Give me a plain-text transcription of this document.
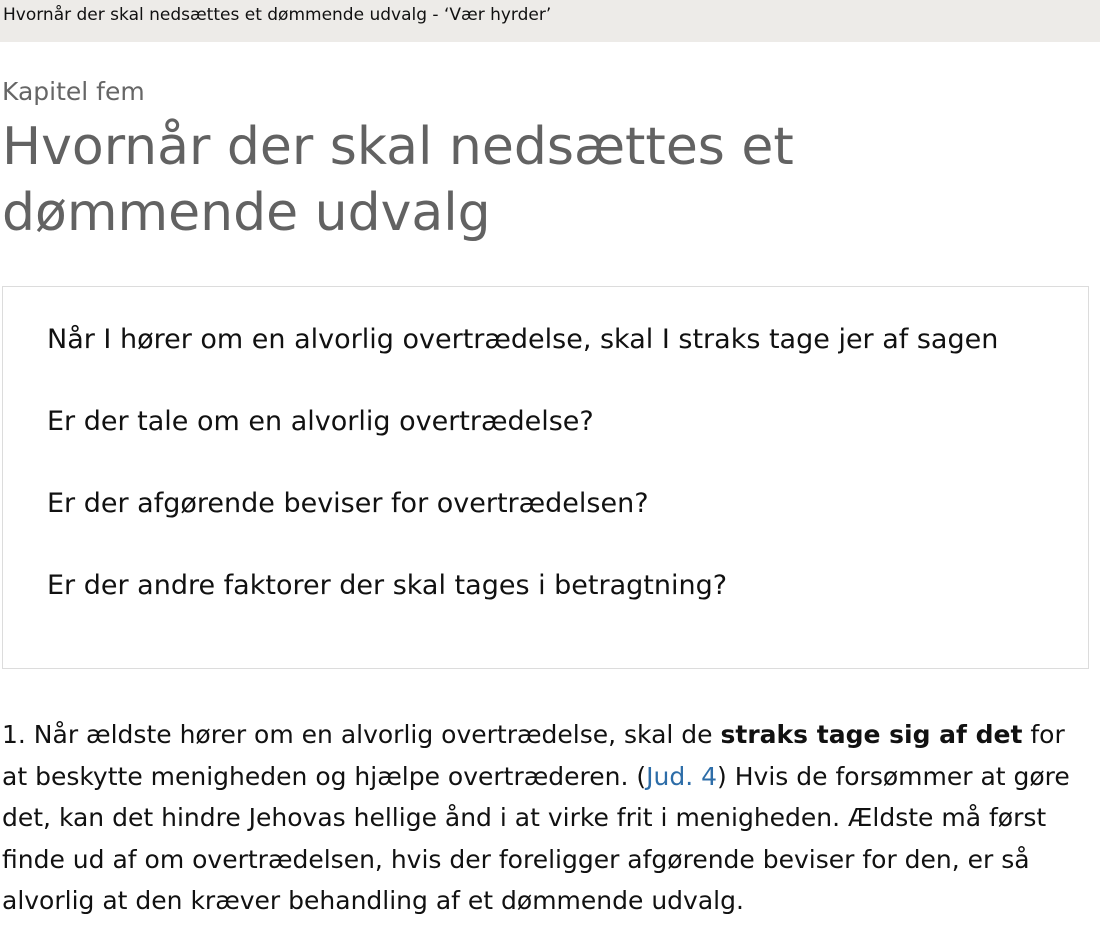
Hvornår der skal nedsættes et dømmende udvalg - ‘Vær hyrder’
Kapitel fem
Hvornår der skal nedsættes et dømmende udvalg
Når I hører om en alvorlig overtrædelse, skal I straks tage jer af sagen
Er der tale om en alvorlig overtrædelse?
Er der afgørende beviser for overtrædelsen?
Er der andre faktorer der skal tages i betragtning?

1. Når ældste hører om en alvorlig overtrædelse, skal de straks tage sig af det for at beskytte menigheden og hjælpe overtræderen. (Jud. 4) Hvis de forsømmer at gøre det, kan det hindre Jehovas hellige ånd i at virke frit i menigheden. Ældste må først finde ud af om overtrædelsen, hvis der foreligger afgørende beviser for den, er så alvorlig at den kræver behandling af et dømmende udvalg.
